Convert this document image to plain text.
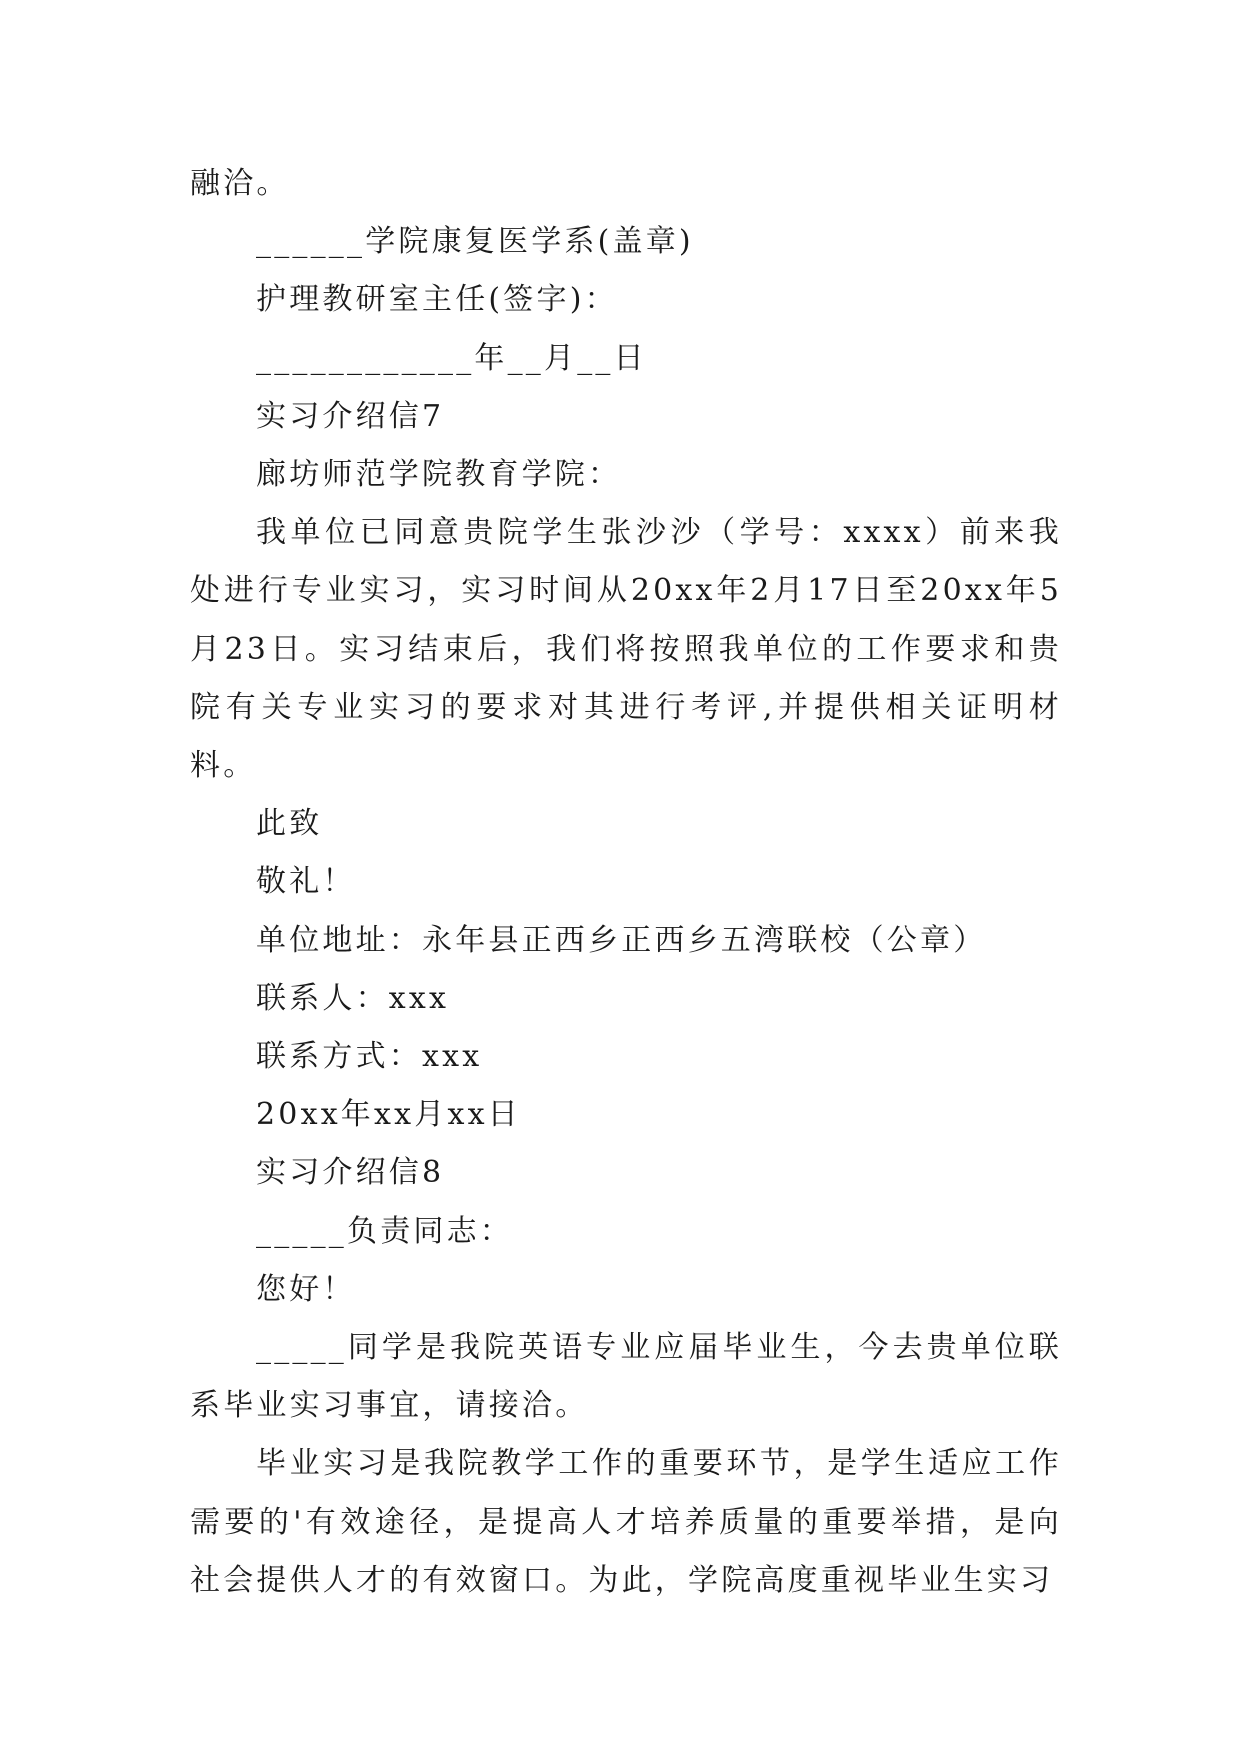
融洽。

______学院康复医学系(盖章)

护理教研室主任(签字)：

____________年__月__日

实习介绍信7

廊坊师范学院教育学院：

我单位已同意贵院学生张沙沙（学号：xxxx）前来我处进行专业实习，实习时间从20xx年2月17日至20xx年5月23日。实习结束后，我们将按照我单位的工作要求和贵院有关专业实习的要求对其进行考评,并提供相关证明材料。

此致

敬礼！

单位地址：永年县正西乡正西乡五湾联校（公章）

联系人：xxx

联系方式：xxx

20xx年xx月xx日

实习介绍信8

_____负责同志：

您好！

_____同学是我院英语专业应届毕业生，今去贵单位联系毕业实习事宜，请接洽。

毕业实习是我院教学工作的重要环节，是学生适应工作需要的'有效途径，是提高人才培养质量的重要举措，是向社会提供人才的有效窗口。为此，学院高度重视毕业生实习
